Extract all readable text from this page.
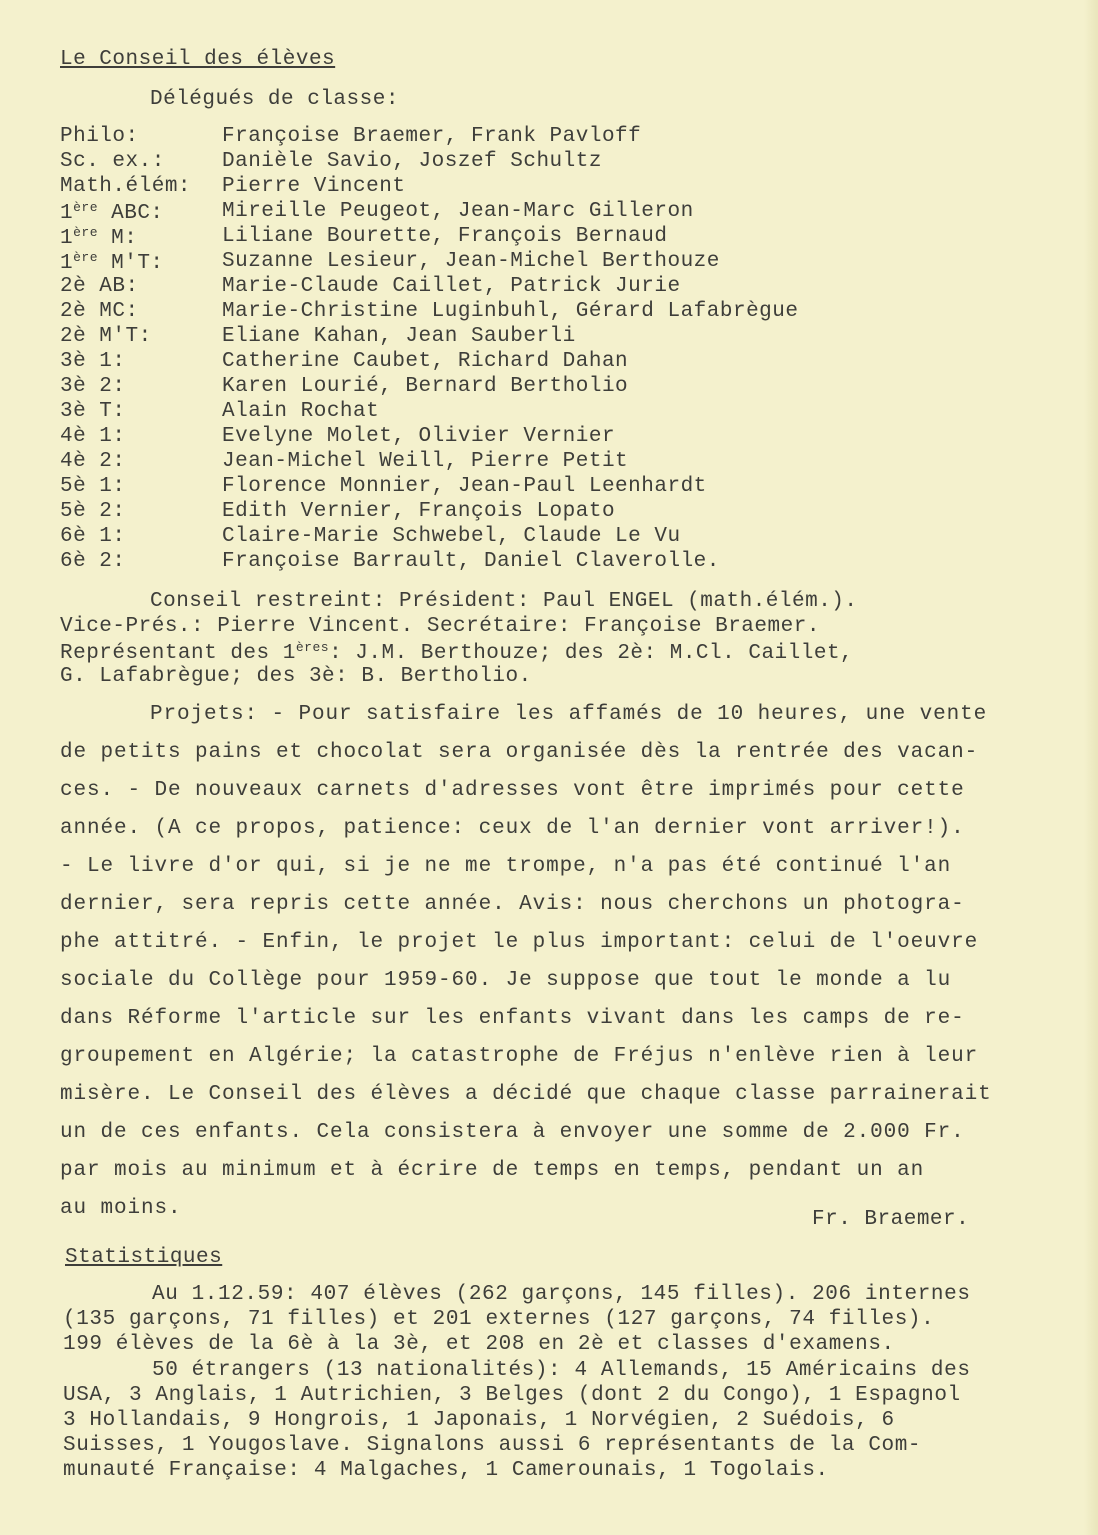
Le Conseil des élèves
Délégués de classe:
Philo:	Françoise Braemer, Frank Pavloff
Sc. ex.:	Danièle Savio, Joszef Schultz
Math.élém: Pierre Vincent
1ère ABC:	Mireille Peugeot, Jean-Marc Gilleron
1ère M:	Liliane Bourette, François Bernaud
1ère M'T:	Suzanne Lesieur, Jean-Michel Berthouze
2è AB:	Marie-Claude Caillet, Patrick Jurie
2è MC:	Marie-Christine Luginbuhl, Gérard Lafabrègue
2è M'T:	Eliane Kahan, Jean Sauberli
3è 1:	Catherine Caubet, Richard Dahan
3è 2:	Karen Lourié, Bernard Bertholio
3è T:	Alain Rochat
4è 1:	Evelyne Molet, Olivier Vernier
4è 2:	Jean-Michel Weill, Pierre Petit
5è 1:	Florence Monnier, Jean-Paul Leenhardt
5è 2:	Edith Vernier, François Lopato
6è 1:	Claire-Marie Schwebel, Claude Le Vu
6è 2:	Françoise Barrault, Daniel Claverolle.
Conseil restreint: Président: Paul ENGEL (math.élém.).
Vice-Prés.: Pierre Vincent. Secrétaire: Françoise Braemer.
Représentant des 1ères: J.M. Berthouze; des 2è: M.Cl. Caillet,
G. Lafabrègue; des 3è: B. Bertholio.
Projets: - Pour satisfaire les affamés de 10 heures, une vente
de petits pains et chocolat sera organisée dès la rentrée des vacan-
ces. - De nouveaux carnets d'adresses vont être imprimés pour cette
année. (A ce propos, patience: ceux de l'an dernier vont arriver!).
- Le livre d'or qui, si je ne me trompe, n'a pas été continué l'an
dernier, sera repris cette année. Avis: nous cherchons un photogra-
phe attitré. - Enfin, le projet le plus important: celui de l'oeuvre
sociale du Collège pour 1959-60. Je suppose que tout le monde a lu
dans Réforme l'article sur les enfants vivant dans les camps de re-
groupement en Algérie; la catastrophe de Fréjus n'enlève rien à leur
misère. Le Conseil des élèves a décidé que chaque classe parrainerait
un de ces enfants. Cela consistera à envoyer une somme de 2.000 Fr.
par mois au minimum et à écrire de temps en temps, pendant un an
au moins.	Fr. Braemer.
Statistiques
Au 1.12.59: 407 élèves (262 garçons, 145 filles). 206 internes
(135 garçons, 71 filles) et 201 externes (127 garçons, 74 filles).
199 élèves de la 6è à la 3è, et 208 en 2è et classes d'examens.
50 étrangers (13 nationalités): 4 Allemands, 15 Américains des
USA, 3 Anglais, 1 Autrichien, 3 Belges (dont 2 du Congo), 1 Espagnol
3 Hollandais, 9 Hongrois, 1 Japonais, 1 Norvégien, 2 Suédois, 6
Suisses, 1 Yougoslave. Signalons aussi 6 représentants de la Com-
munauté Française: 4 Malgaches, 1 Camerounais, 1 Togolais.
